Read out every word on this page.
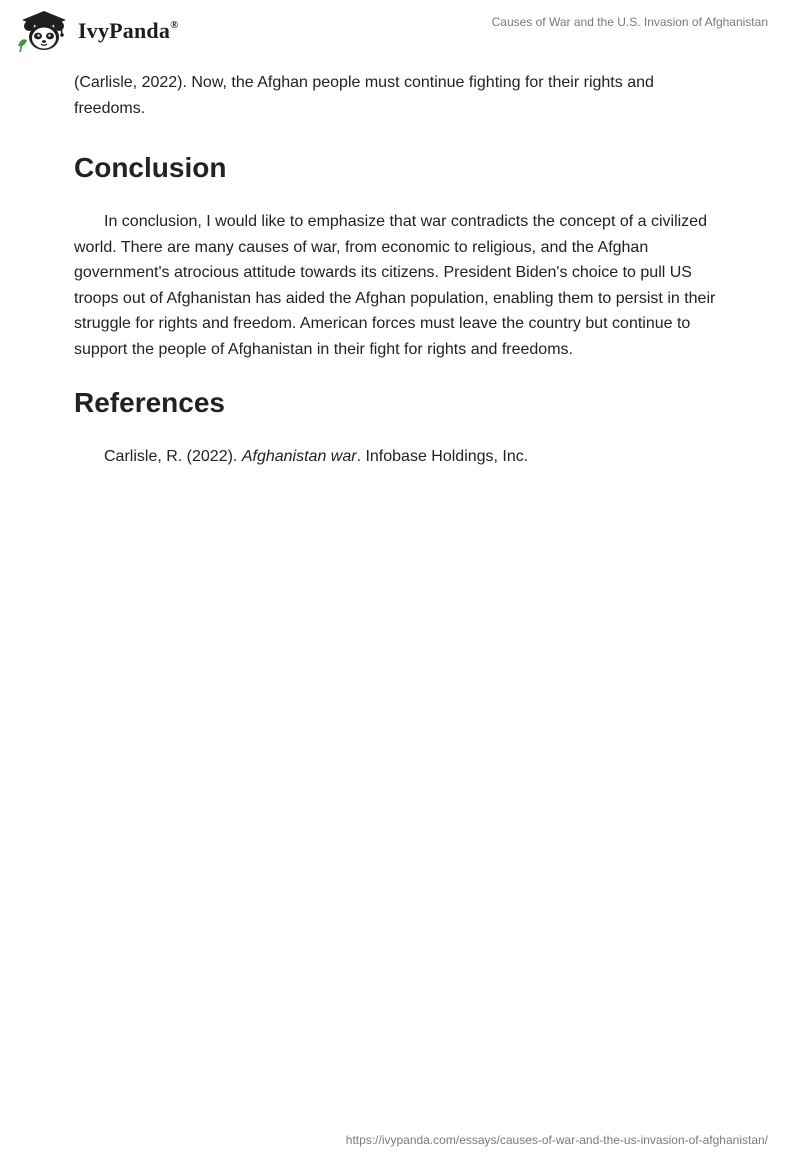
IvyPanda®	Causes of War and the U.S. Invasion of Afghanistan

(Carlisle, 2022). Now, the Afghan people must continue fighting for their rights and freedoms.

Conclusion

In conclusion, I would like to emphasize that war contradicts the concept of a civilized world. There are many causes of war, from economic to religious, and the Afghan government's atrocious attitude towards its citizens. President Biden's choice to pull US troops out of Afghanistan has aided the Afghan population, enabling them to persist in their struggle for rights and freedom. American forces must leave the country but continue to support the people of Afghanistan in their fight for rights and freedoms.

References

Carlisle, R. (2022). Afghanistan war. Infobase Holdings, Inc.

https://ivypanda.com/essays/causes-of-war-and-the-us-invasion-of-afghanistan/
